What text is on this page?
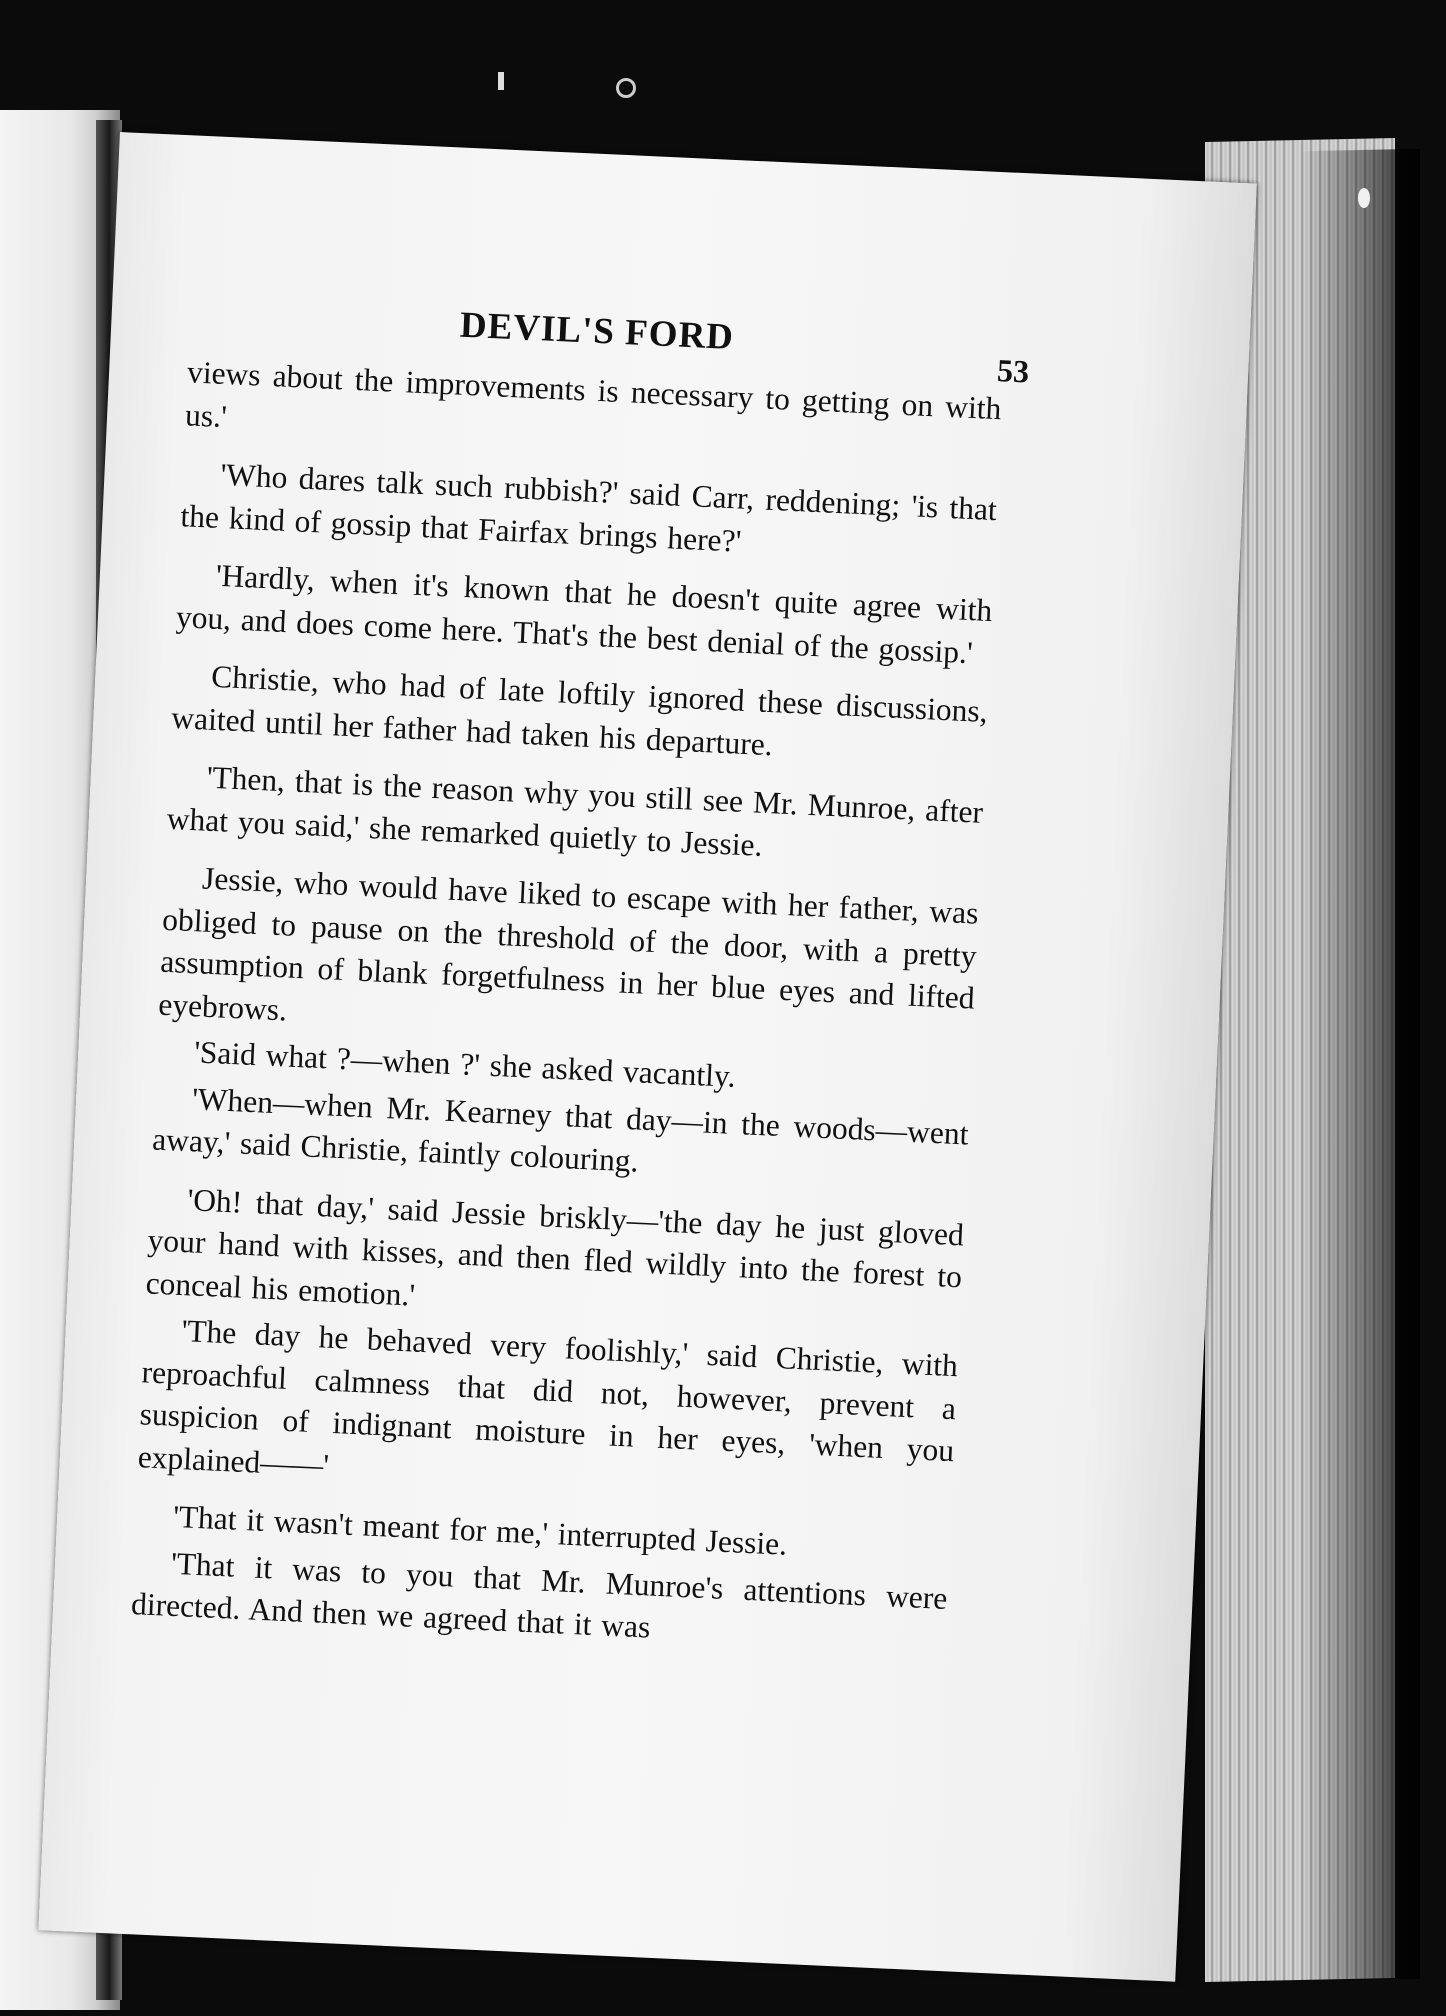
DEVIL'S FORD
53

views about the improvements is necessary to getting on with us.'

'Who dares talk such rubbish?' said Carr, reddening; 'is that the kind of gossip that Fairfax brings here?'

'Hardly, when it's known that he doesn't quite agree with you, and does come here. That's the best denial of the gossip.'

Christie, who had of late loftily ignored these discussions, waited until her father had taken his departure.

'Then, that is the reason why you still see Mr. Munroe, after what you said,' she remarked quietly to Jessie.

Jessie, who would have liked to escape with her father, was obliged to pause on the threshold of the door, with a pretty assumption of blank forgetfulness in her blue eyes and lifted eyebrows.

'Said what ?—when ?' she asked vacantly.

'When—when Mr. Kearney that day—in the woods—went away,' said Christie, faintly colouring.

'Oh! that day,' said Jessie briskly—'the day he just gloved your hand with kisses, and then fled wildly into the forest to conceal his emotion.'

'The day he behaved very foolishly,' said Christie, with reproachful calmness that did not, however, prevent a suspicion of indignant moisture in her eyes, 'when you explained——'

'That it wasn't meant for me,' interrupted Jessie.

'That it was to you that Mr. Munroe's attentions were directed. And then we agreed that it was
